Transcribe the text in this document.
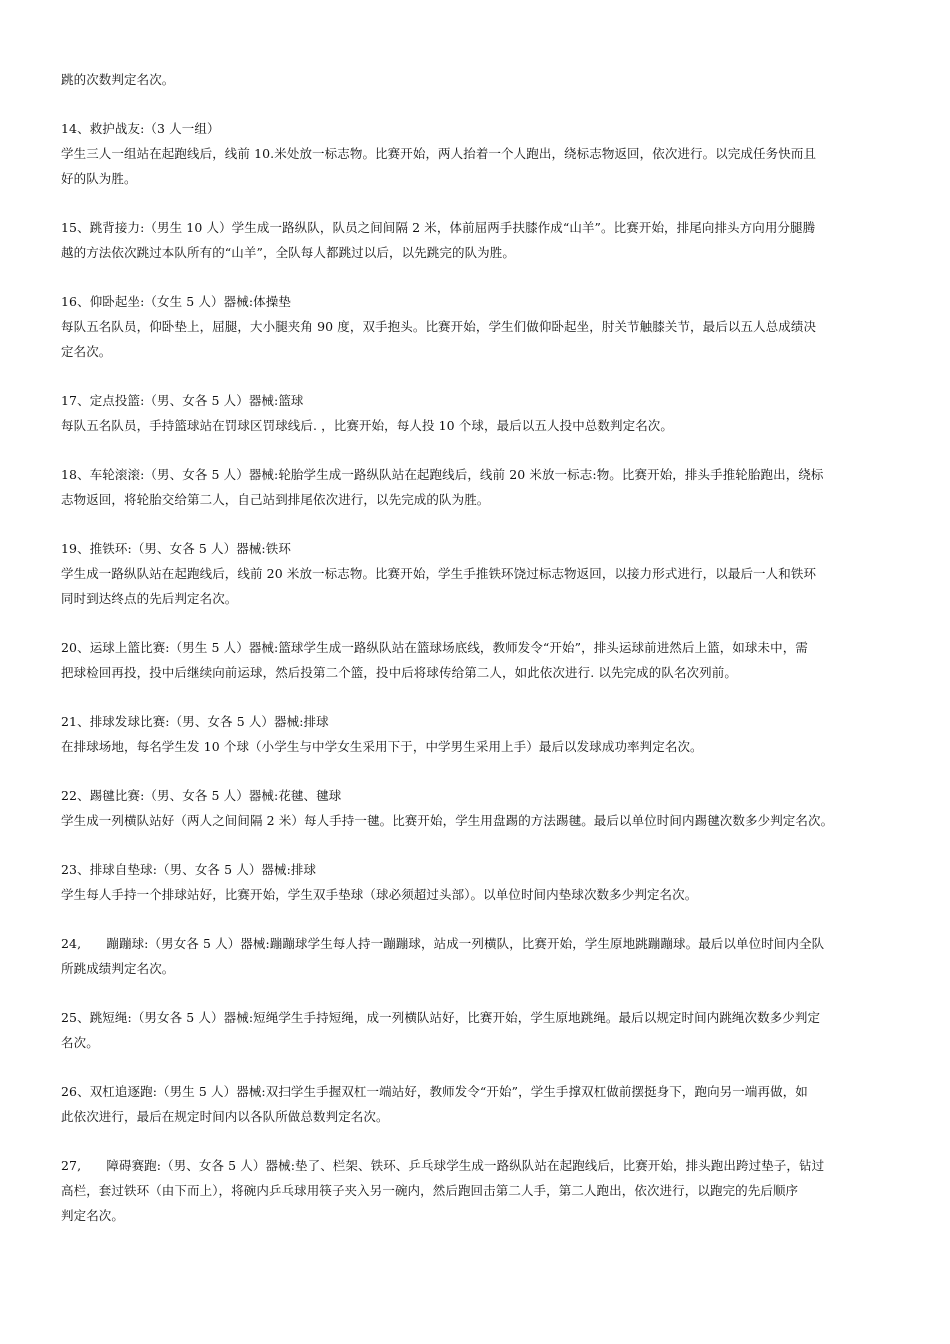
跳的次数判定名次。
14、救护战友:（3 人一组）
学生三人一组站在起跑线后，线前 10.米处放一标志物。比赛开始，两人抬着一个人跑出，绕标志物返回，依次进行。以完成任务快而且
好的队为胜。
15、跳背接力:（男生 10 人）学生成一路纵队，队员之间间隔 2 米，体前屈两手扶膝作成“山羊”。比赛开始，排尾向排头方向用分腿腾
越的方法依次跳过本队所有的“山羊”，全队每人都跳过以后，以先跳完的队为胜。
16、仰卧起坐:（女生 5 人）器械:体操垫
每队五名队员，仰卧垫上，屈腿，大小腿夹角 90 度，双手抱头。比赛开始，学生们做仰卧起坐，肘关节触膝关节，最后以五人总成绩决
定名次。
17、定点投篮:（男、女各 5 人）器械:篮球
每队五名队员，手持篮球站在罚球区罚球线后. ，比赛开始，每人投 10 个球，最后以五人投中总数判定名次。
18、车轮滚滚:（男、女各 5 人）器械:轮胎学生成一路纵队站在起跑线后，线前 20 米放一标志:物。比赛开始，排头手推轮胎跑出，绕标
志物返回，将轮胎交给第二人，自己站到排尾依次进行，以先完成的队为胜。
19、推铁环:（男、女各 5 人）器械:铁环
学生成一路纵队站在起跑线后，线前 20 米放一标志物。比赛开始，学生手推铁环饶过标志物返回，以接力形式进行，以最后一人和铁环
同时到达终点的先后判定名次。
20、运球上篮比赛:（男生 5 人）器械:篮球学生成一路纵队站在篮球场底线，教师发令“开始”，排头运球前进然后上篮，如球未中，需
把球检回再投，投中后继续向前运球，然后投第二个篮，投中后将球传给第二人，如此依次进行. 以先完成的队名次列前。
21、排球发球比赛:（男、女各 5 人）器械:排球
在排球场地，每名学生发 10 个球（小学生与中学女生采用下于，中学男生采用上手）最后以发球成功率判定名次。
22、踢毽比赛:（男、女各 5 人）器械:花毽、毽球
学生成一列横队站好（两人之间间隔 2 米）每人手持一毽。比赛开始，学生用盘踢的方法踢毽。最后以单位时间内踢毽次数多少判定名次。
23、排球自垫球:（男、女各 5 人）器械:排球
学生每人手持一个排球站好，比赛开始，学生双手垫球（球必须超过头部）。以单位时间内垫球次数多少判定名次。
24,　　蹦蹦球:（男女各 5 人）器械:蹦蹦球学生每人持一蹦蹦球，站成一列横队，比赛开始，学生原地跳蹦蹦球。最后以单位时间内全队
所跳成绩判定名次。
25、跳短绳:（男女各 5 人）器械:短绳学生手持短绳，成一列横队站好，比赛开始，学生原地跳绳。最后以规定时间内跳绳次数多少判定
名次。
26、双杠追逐跑:（男生 5 人）器械:双扫学生手握双杠一端站好，教师发令“开始”，学生手撑双杠做前摆挺身下，跑向另一端再做，如
此依次进行，最后在规定时间内以各队所做总数判定名次。
27,　　障碍赛跑:（男、女各 5 人）器械:垫了、栏架、铁环、乒乓球学生成一路纵队站在起跑线后，比赛开始，排头跑出跨过垫子，钻过
高栏，套过铁环（由下而上），将碗内乒乓球用筷子夹入另一碗内，然后跑回击第二人手，第二人跑出，依次进行，以跑完的先后顺序
判定名次。
